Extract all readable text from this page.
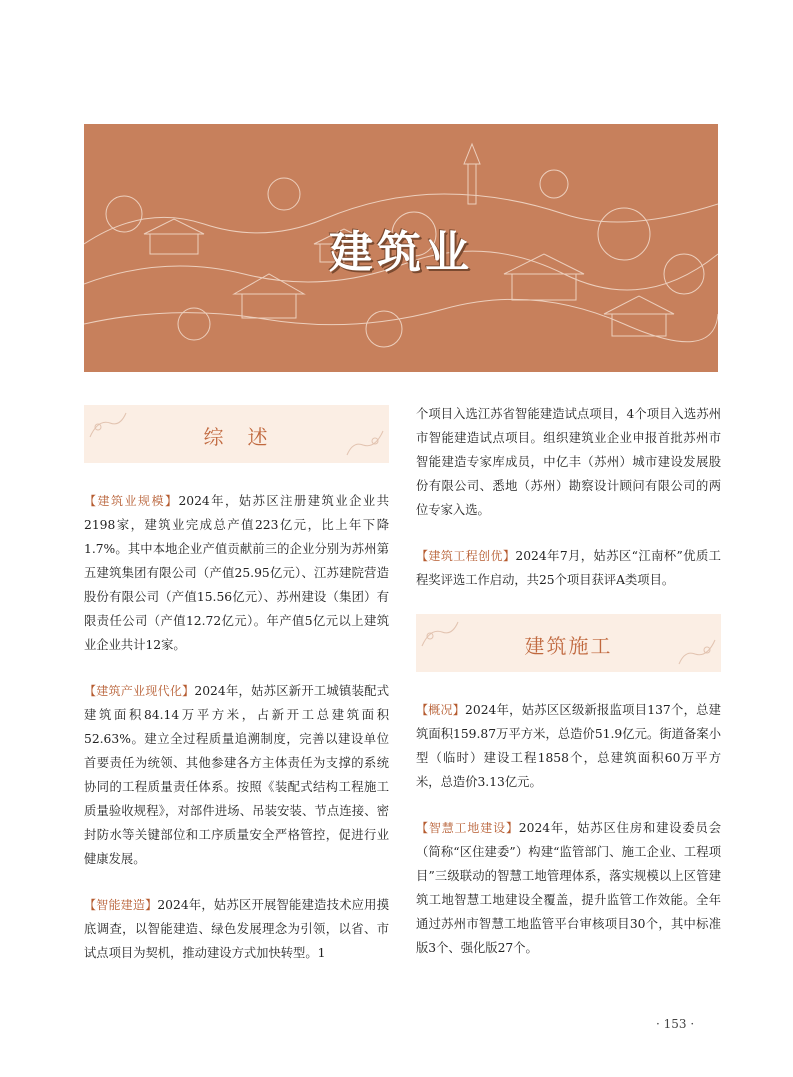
建筑业
综　述

【建筑业规模】2024年，姑苏区注册建筑业企业共2198家，建筑业完成总产值223亿元，比上年下降1.7%。其中本地企业产值贡献前三的企业分别为苏州第五建筑集团有限公司（产值25.95亿元）、江苏建院营造股份有限公司（产值15.56亿元）、苏州建设（集团）有限责任公司（产值12.72亿元）。年产值5亿元以上建筑业企业共计12家。

【建筑产业现代化】2024年，姑苏区新开工城镇装配式建筑面积84.14万平方米，占新开工总建筑面积52.63%。建立全过程质量追溯制度，完善以建设单位首要责任为统领、其他参建各方主体责任为支撑的系统协同的工程质量责任体系。按照《装配式结构工程施工质量验收规程》，对部件进场、吊装安装、节点连接、密封防水等关键部位和工序质量安全严格管控，促进行业健康发展。

【智能建造】2024年，姑苏区开展智能建造技术应用摸底调查，以智能建造、绿色发展理念为引领，以省、市试点项目为契机，推动建设方式加快转型。1

个项目入选江苏省智能建造试点项目，4个项目入选苏州市智能建造试点项目。组织建筑业企业申报首批苏州市智能建造专家库成员，中亿丰（苏州）城市建设发展股份有限公司、悉地（苏州）勘察设计顾问有限公司的两位专家入选。

【建筑工程创优】2024年7月，姑苏区“江南杯”优质工程奖评选工作启动，共25个项目获评A类项目。

建筑施工

【概况】2024年，姑苏区区级新报监项目137个，总建筑面积159.87万平方米，总造价51.9亿元。街道备案小型（临时）建设工程1858个，总建筑面积60万平方米，总造价3.13亿元。

【智慧工地建设】2024年，姑苏区住房和建设委员会（简称“区住建委”）构建“监管部门、施工企业、工程项目”三级联动的智慧工地管理体系，落实规模以上区管建筑工地智慧工地建设全覆盖，提升监管工作效能。全年通过苏州市智慧工地监管平台审核项目30个，其中标准版3个、强化版27个。

· 153 ·
